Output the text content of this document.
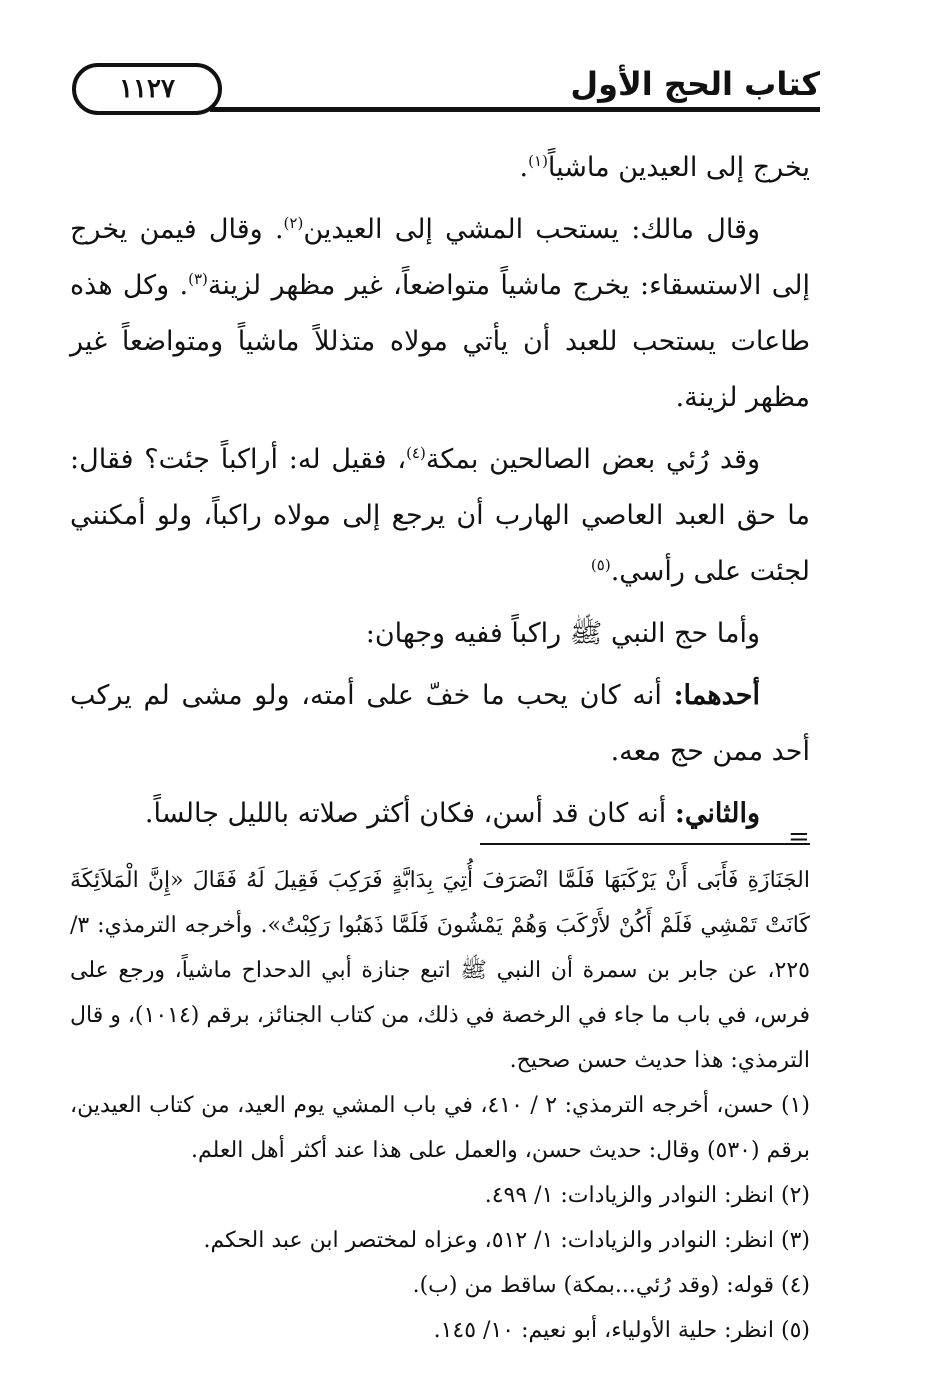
١١٢٧	كتاب الحج الأول

يخرج إلى العيدين ماشياً$^{(١)}$.

وقال مالك: يستحب المشي إلى العيدين$^{(٢)}$. وقال فيمن يخرج إلى الاستسقاء: يخرج ماشياً متواضعاً، غير مظهر لزينة$^{(٣)}$. وكل هذه طاعات يستحب للعبد أن يأتي مولاه متذللاً ماشياً ومتواضعاً غير مظهر لزينة.

وقد رُئي بعض الصالحين بمكة$^{(٤)}$، فقيل له: أراكباً جئت؟ فقال: ما حق العبد العاصي الهارب أن يرجع إلى مولاه راكباً، ولو أمكنني لجئت على رأسي.$^{(٥)}$

وأما حج النبي ﷺ راكباً ففيه وجهان:

أحدهما: أنه كان يحب ما خفّ على أمته، ولو مشى لم يركب أحد ممن حج معه.

والثاني: أنه كان قد أسن، فكان أكثر صلاته بالليل جالساً.

=

الجَنَازَةِ فَأَبَى أَنْ يَرْكَبَهَا فَلَمَّا انْصَرَفَ أُتِيَ بِدَابَّةٍ فَرَكِبَ فَقِيلَ لَهُ فَقَالَ «إِنَّ الْمَلاَئِكَةَ كَانَتْ تَمْشِي فَلَمْ أَكُنْ لأَرْكَبَ وَهُمْ يَمْشُونَ فَلَمَّا ذَهَبُوا رَكِبْتُ». وأخرجه الترمذي: ٣/ ٢٢٥، عن جابر بن سمرة أن النبي ﷺ اتبع جنازة أبي الدحداح ماشياً، ورجع على فرس، في باب ما جاء في الرخصة في ذلك، من كتاب الجنائز، برقم (١٠١٤)، و قال الترمذي: هذا حديث حسن صحيح.

(١) حسن، أخرجه الترمذي: ٢ / ٤١٠، في باب المشي يوم العيد، من كتاب العيدين، برقم (٥٣٠) وقال: حديث حسن، والعمل على هذا عند أكثر أهل العلم.

(٢) انظر: النوادر والزيادات: ١/ ٤٩٩.

(٣) انظر: النوادر والزيادات: ١/ ٥١٢، وعزاه لمختصر ابن عبد الحكم.

(٤) قوله: (وقد رُئي...بمكة) ساقط من (ب).

(٥) انظر: حلية الأولياء، أبو نعيم: ١٠/ ١٤٥.
